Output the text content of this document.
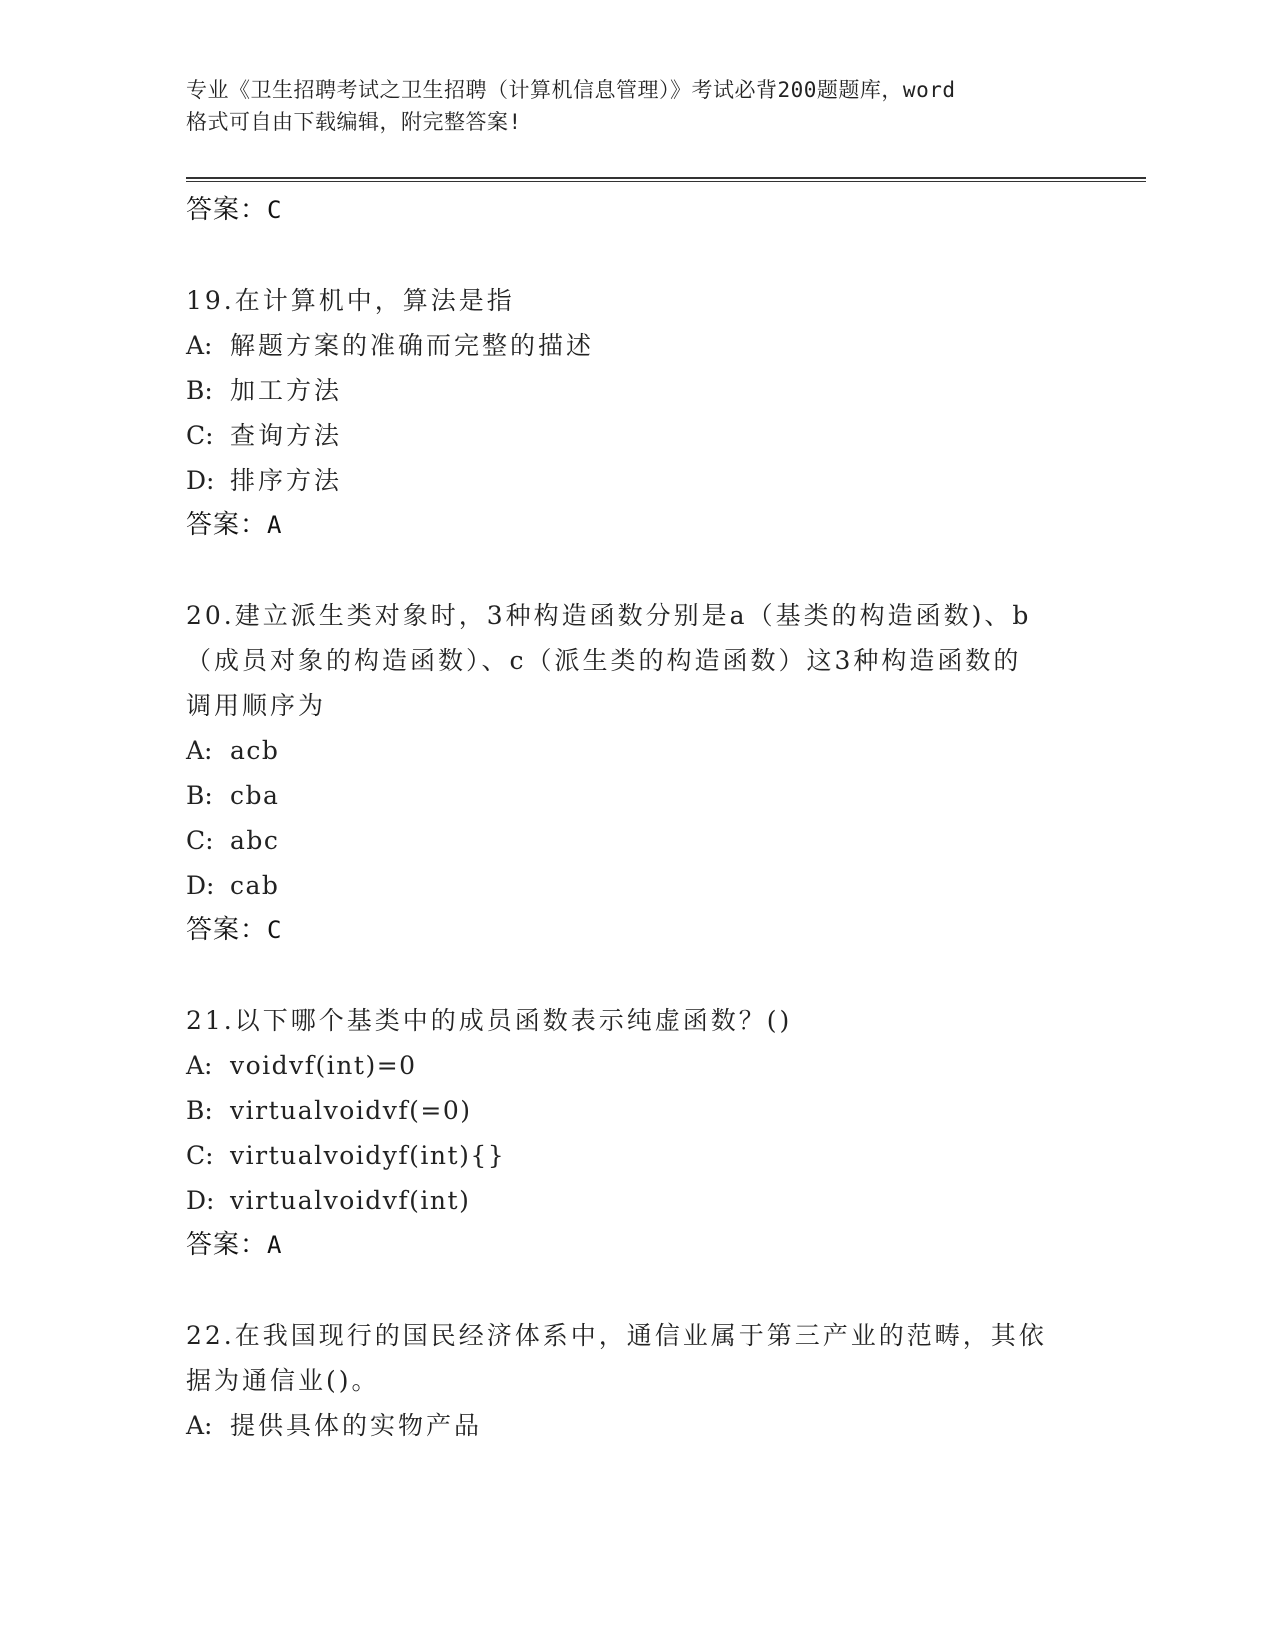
专业《卫生招聘考试之卫生招聘（计算机信息管理）》考试必背200题题库，word
格式可自由下载编辑，附完整答案!
答案：C
19.在计算机中，算法是指
A: 解题方案的准确而完整的描述
B: 加工方法
C: 查询方法
D: 排序方法
答案：A
20.建立派生类对象时，3种构造函数分别是a（基类的构造函数)、b
（成员对象的构造函数）、c（派生类的构造函数）这3种构造函数的
调用顺序为
A: acb
B: cba
C: abc
D: cab
答案：C
21.以下哪个基类中的成员函数表示纯虚函数？()
A: voidvf(int)=0
B: virtualvoidvf(=0)
C: virtualvoidyf(int){}
D: virtualvoidvf(int)
答案：A
22.在我国现行的国民经济体系中，通信业属于第三产业的范畴，其依
据为通信业()。
A: 提供具体的实物产品
